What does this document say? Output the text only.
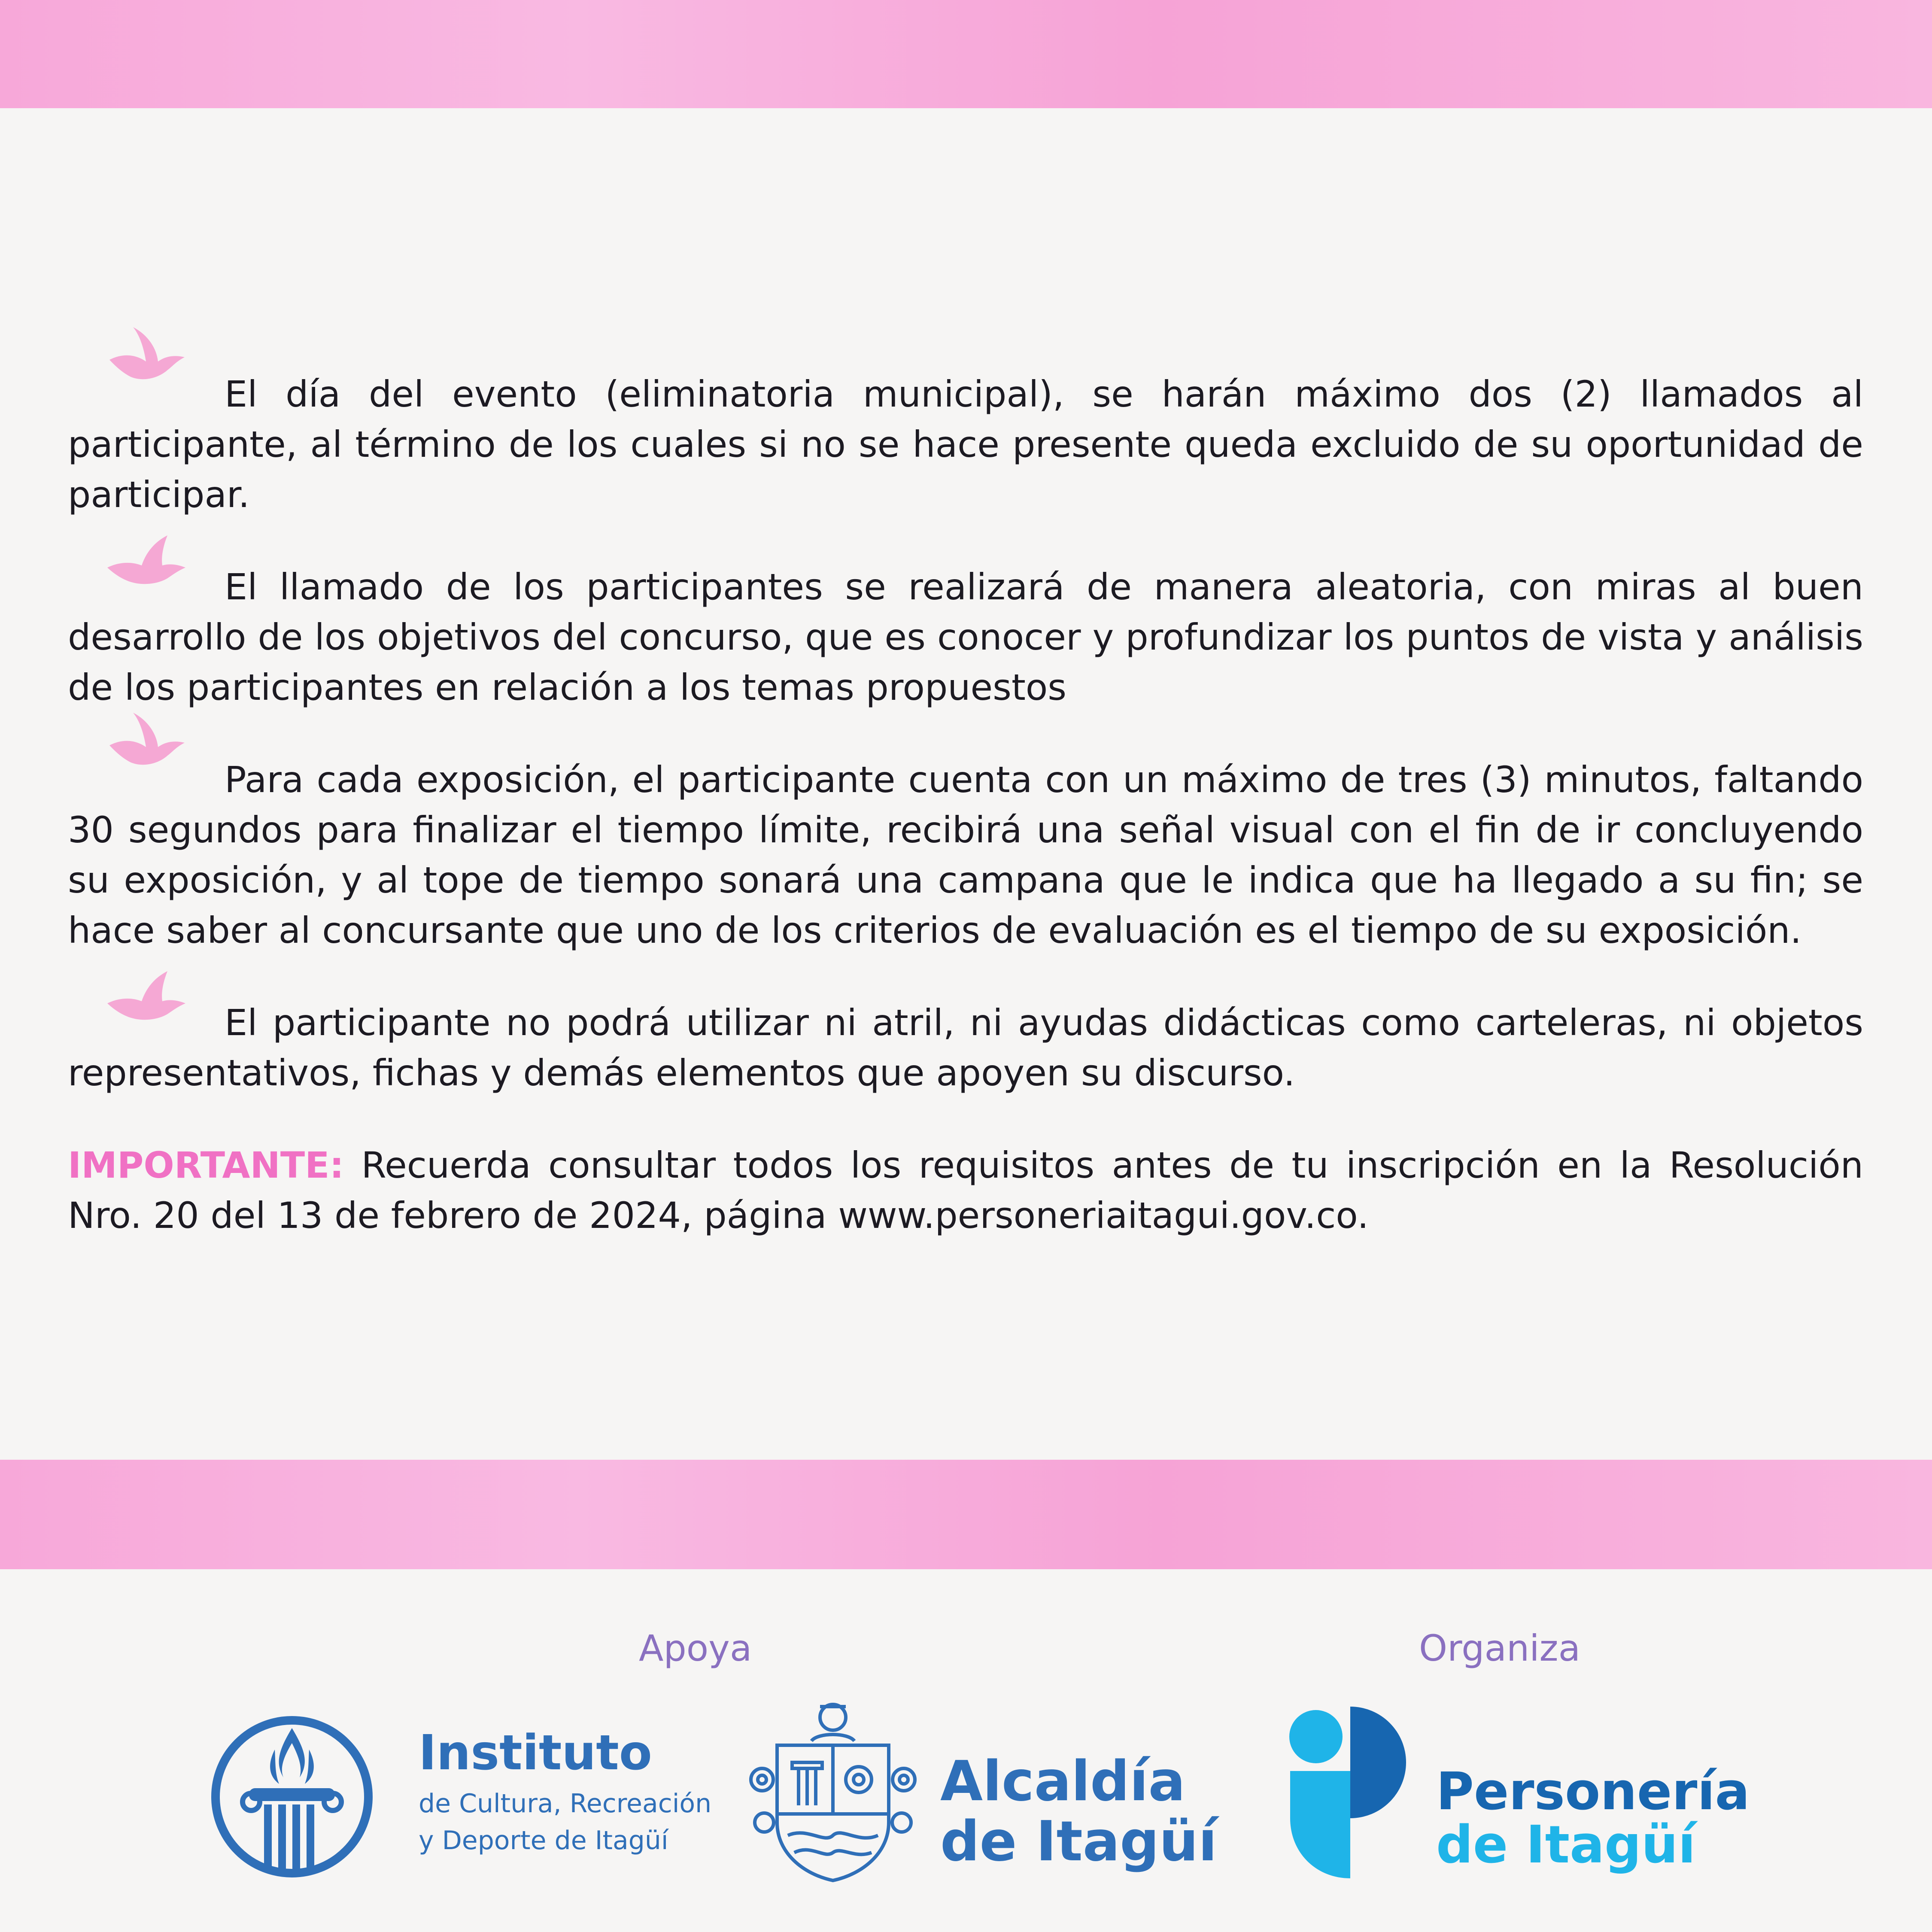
El día del evento (eliminatoria municipal), se harán máximo dos (2) llamados al participante, al término de los cuales si no se hace presente queda excluido de su oportunidad de participar.

El llamado de los participantes se realizará de manera aleatoria, con miras al buen desarrollo de los objetivos del concurso, que es conocer y profundizar los puntos de vista y análisis de los participantes en relación a los temas propuestos

Para cada exposición, el participante cuenta con un máximo de tres (3) minutos, faltando 30 segundos para finalizar el tiempo límite, recibirá una señal visual con el fin de ir concluyendo su exposición, y al tope de tiempo sonará una campana que le indica que ha llegado a su fin; se hace saber al concursante que uno de los criterios de evaluación es el tiempo de su exposición.

El participante no podrá utilizar ni atril, ni ayudas didácticas como carteleras, ni objetos representativos, fichas y demás elementos que apoyen su discurso.

IMPORTANTE: Recuerda consultar todos los requisitos antes de tu inscripción en la Resolución Nro. 20 del 13 de febrero de 2024, página www.personeriaitagui.gov.co.

Apoya	Organiza
Instituto
de Cultura, Recreación
y Deporte de Itagüí
Alcaldía
de Itagüí
Personería
de Itagüí
